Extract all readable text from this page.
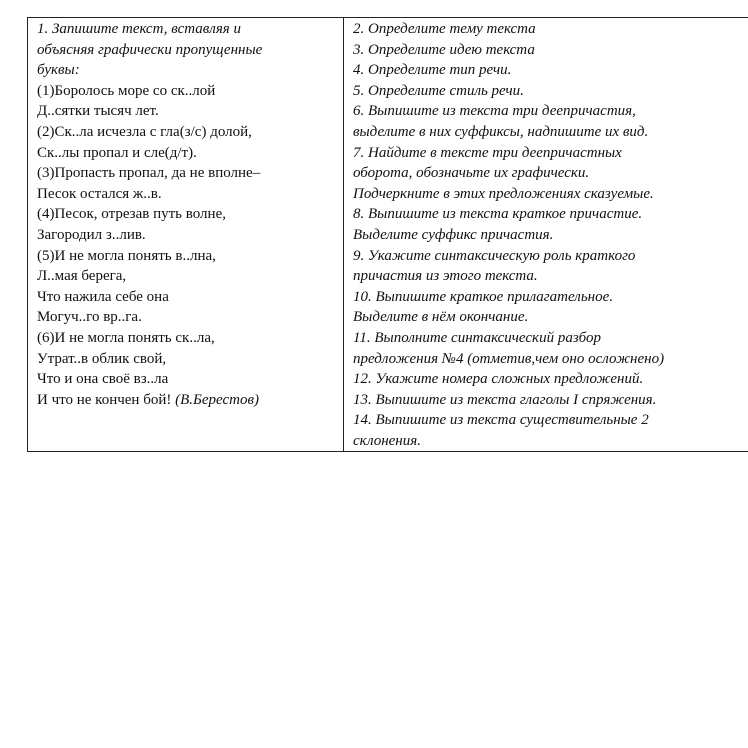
1. Запишите текст, вставляя и
объясняя графически пропущенные
буквы:
(1)Боролось море со ск..лой
Д..сятки тысяч лет.
(2)Ск..ла исчезла с гла(з/с) долой,
Ск..лы пропал и сле(д/т).
(3)Пропасть пропал, да не вполне–
Песок остался ж..в.
(4)Песок, отрезав путь волне,
Загородил з..лив.
(5)И не могла понять в..лна,
Л..мая берега,
Что нажила себе она
Могуч..го вр..га.
(6)И не могла понять ск..ла,
Утрат..в облик свой,
Что и она своё вз..ла
И что не кончен бой! (В.Берестов)

2. Определите тему текста
3. Определите идею текста
4. Определите тип речи.
5. Определите стиль речи.
6. Выпишите из текста три деепричастия,
выделите в них суффиксы, надпишите их вид.
7. Найдите в тексте три деепричастных
оборота, обозначьте их графически.
Подчеркните в этих предложениях сказуемые.
8. Выпишите из текста краткое причастие.
Выделите суффикс причастия.
9. Укажите синтаксическую роль краткого
причастия из этого текста.
10. Выпишите краткое прилагательное.
Выделите в нём окончание.
11. Выполните синтаксический разбор
предложения №4 (отметив,чем оно осложнено)
12. Укажите номера сложных предложений.
13. Выпишите из текста глаголы I спряжения.
14. Выпишите из текста существительные 2
склонения.
